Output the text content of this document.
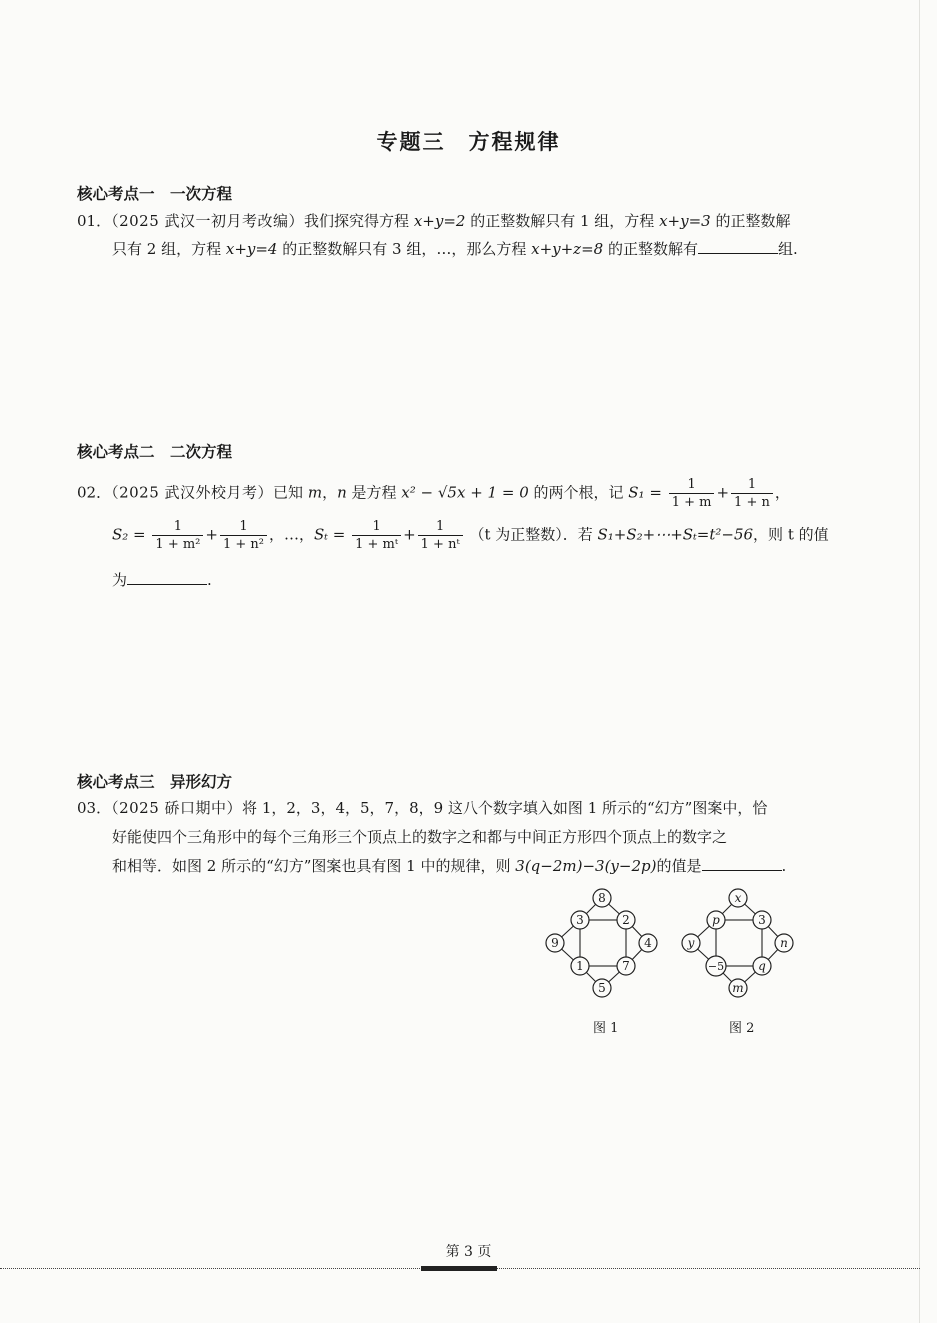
专题三　方程规律
核心考点一　一次方程
01．（2025 武汉一初月考改编）我们探究得方程 x+y=2 的正整数解只有 1 组，方程 x+y=3 的正整数解
只有 2 组，方程 x+y=4 的正整数解只有 3 组，…，那么方程 x+y+z=8 的正整数解有	组.
核心考点二　二次方程
02．（2025 武汉外校月考）已知 m，n 是方程 x² − √5x + 1 = 0 的两个根，记 $S_1 = \frac{1}{1 + m} + \frac{1}{1 + n}$ ，
$S_2 = \frac{1}{\text{1 + m²}} + \frac{1}{\text{1 + n²}}$ ，…，$S_t = \frac{1}{\text{1 + mᵗ}} + \frac{1}{\text{1 + nᵗ}} (t$ 为正整数）．若 S₁+S₂+⋯+Sₜ=t²−56，则 t 的值
为	.
核心考点三　异形幻方
03．（2025 硚口期中）将 1，2，3，4，5，7，8，9 这八个数字填入如图 1 所示的“幻方”图案中，恰
好能使四个三角形中的每个三角形三个顶点上的数字之和都与中间正方形四个顶点上的数字之
和相等．如图 2 所示的“幻方”图案也具有图 1 中的规律，则 3(q−2m)−3(y−2p)的值是	.
8
3	2
9	4
1	7
5
图 1
x
p	3
y	n
−5	q
m
图 2
第 3 页
